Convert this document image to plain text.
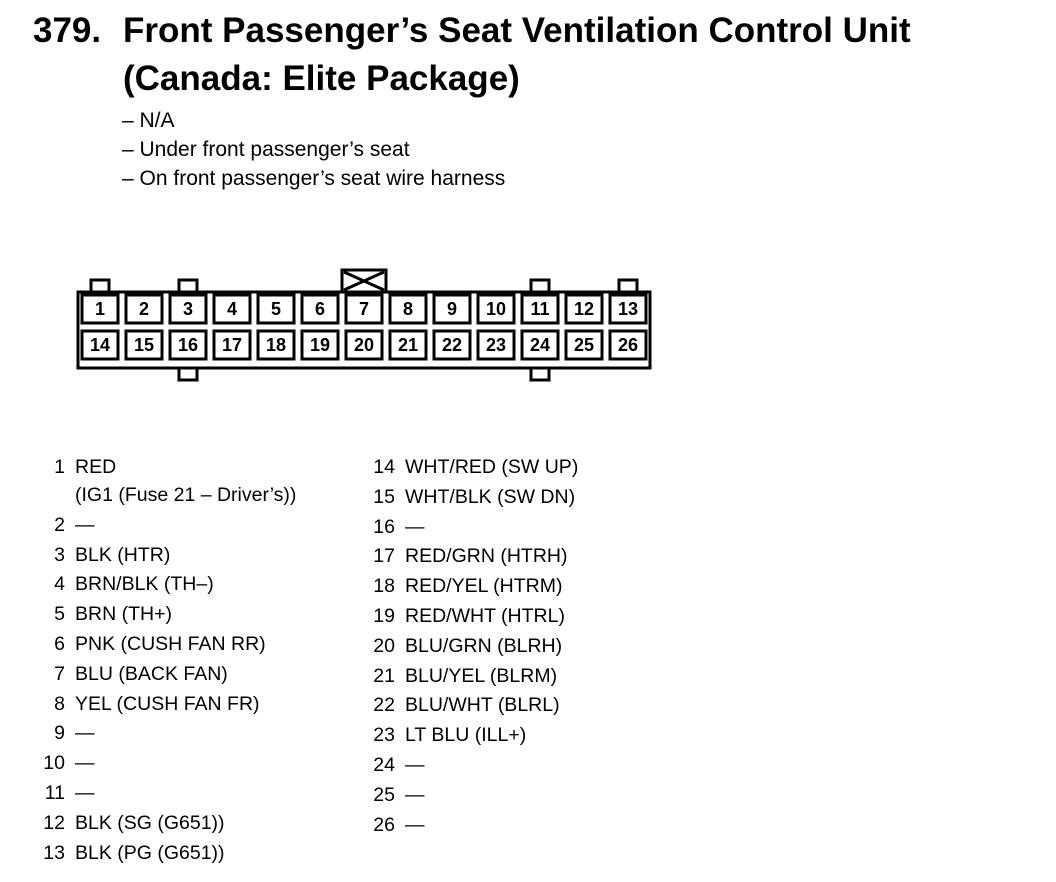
379. Front Passenger’s Seat Ventilation Control Unit
(Canada: Elite Package)
– N/A
– Under front passenger’s seat
– On front passenger’s seat wire harness
1 2 3 4 5 6 7 8 9 10 11 12 13
14 15 16 17 18 19 20 21 22 23 24 25 26
1 RED
(IG1 (Fuse 21 – Driver’s))
2 —
3 BLK (HTR)
4 BRN/BLK (TH–)
5 BRN (TH+)
6 PNK (CUSH FAN RR)
7 BLU (BACK FAN)
8 YEL (CUSH FAN FR)
9 —
10 —
11 —
12 BLK (SG (G651))
13 BLK (PG (G651))
14 WHT/RED (SW UP)
15 WHT/BLK (SW DN)
16 —
17 RED/GRN (HTRH)
18 RED/YEL (HTRM)
19 RED/WHT (HTRL)
20 BLU/GRN (BLRH)
21 BLU/YEL (BLRM)
22 BLU/WHT (BLRL)
23 LT BLU (ILL+)
24 —
25 —
26 —
